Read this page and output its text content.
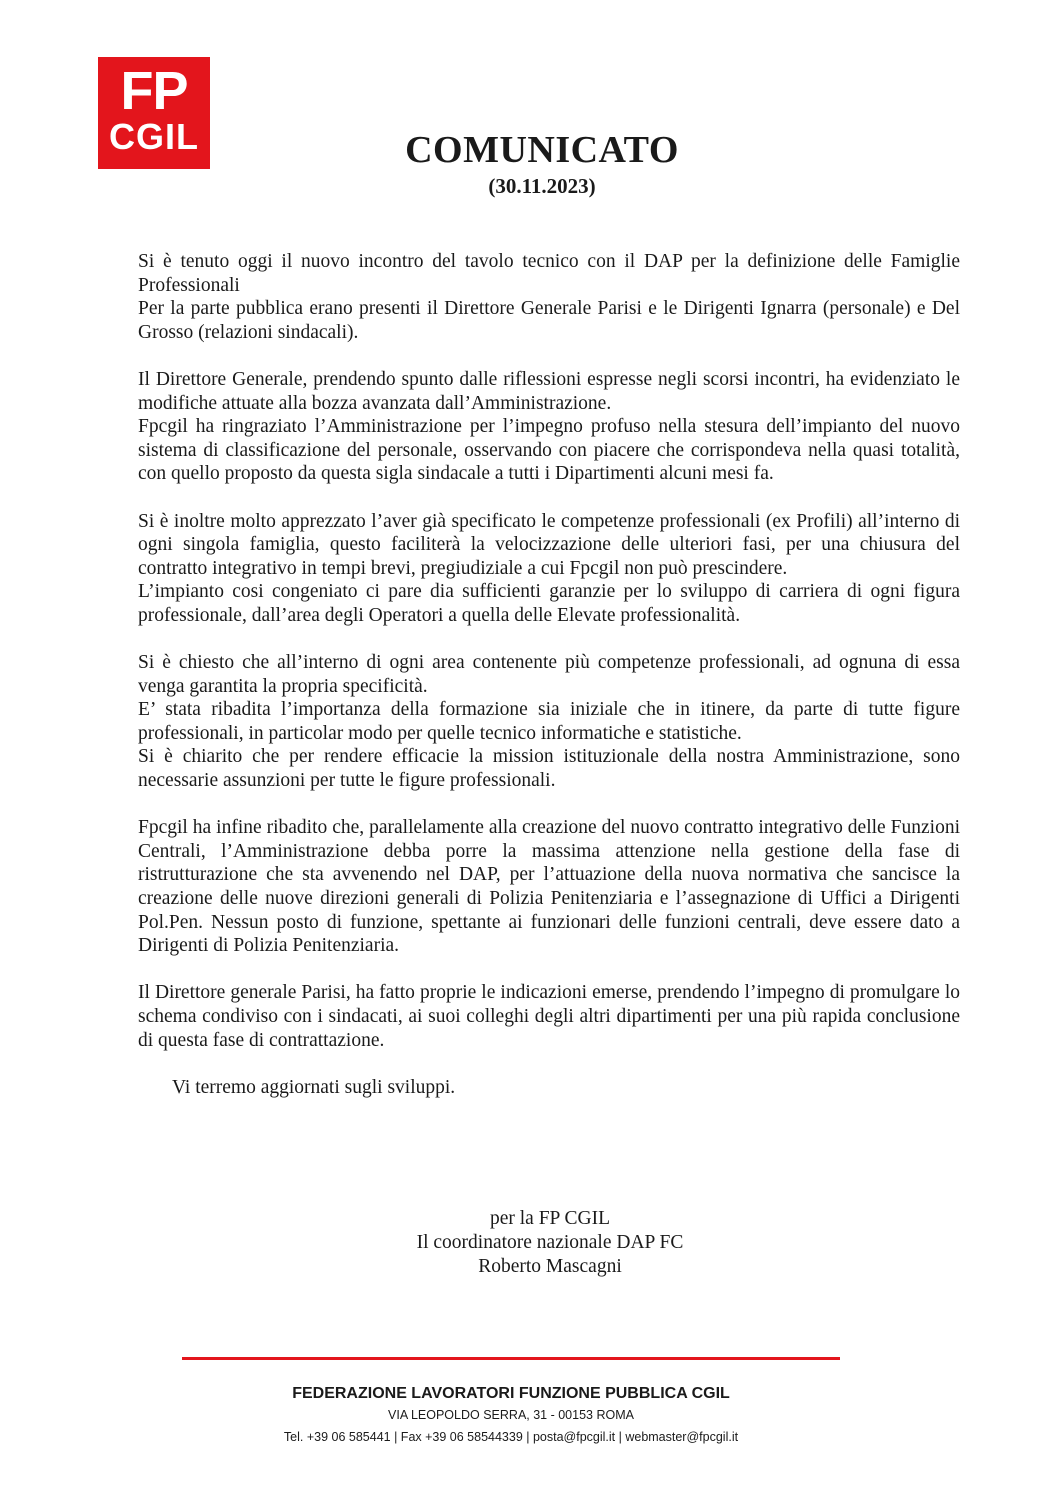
FP
CGIL	COMUNICATO
(30.11.2023)

Si è tenuto oggi il nuovo incontro del tavolo tecnico con il DAP per la definizione delle Famiglie Professionali
Per la parte pubblica erano presenti il Direttore Generale Parisi e le Dirigenti Ignarra (personale) e Del Grosso (relazioni sindacali).

Il Direttore Generale, prendendo spunto dalle riflessioni espresse negli scorsi incontri, ha evidenziato le modifiche attuate alla bozza avanzata dall’Amministrazione.
Fpcgil ha ringraziato l’Amministrazione per l’impegno profuso nella stesura dell’impianto del nuovo sistema di classificazione del personale, osservando con piacere che corrispondeva nella quasi totalità, con quello proposto da questa sigla sindacale a tutti i Dipartimenti alcuni mesi fa.

Si è inoltre molto apprezzato l’aver già specificato le competenze professionali (ex Profili) all’interno di ogni singola famiglia, questo faciliterà la velocizzazione delle ulteriori fasi, per una chiusura del contratto integrativo in tempi brevi, pregiudiziale a cui Fpcgil non può prescindere.
L’impianto cosi congeniato ci pare dia sufficienti garanzie per lo sviluppo di carriera di ogni figura professionale, dall’area degli Operatori a quella delle Elevate professionalità.

Si è chiesto che all’interno di ogni area contenente più competenze professionali, ad ognuna di essa venga garantita la propria specificità.
E’ stata ribadita l’importanza della formazione sia iniziale che in itinere, da parte di tutte figure professionali, in particolar modo per quelle tecnico informatiche e statistiche.
Si è chiarito che per rendere efficacie la mission istituzionale della nostra Amministrazione, sono necessarie assunzioni per tutte le figure professionali.

Fpcgil ha infine ribadito che, parallelamente alla creazione del nuovo contratto integrativo delle Funzioni Centrali, l’Amministrazione debba porre la massima attenzione nella gestione della fase di ristrutturazione che sta avvenendo nel DAP, per l’attuazione della nuova normativa che sancisce la creazione delle nuove direzioni generali di Polizia Penitenziaria e l’assegnazione di Uffici a Dirigenti Pol.Pen. Nessun posto di funzione, spettante ai funzionari delle funzioni centrali, deve essere dato a Dirigenti di Polizia Penitenziaria.

Il Direttore generale Parisi, ha fatto proprie le indicazioni emerse, prendendo l’impegno di promulgare lo schema condiviso con i sindacati, ai suoi colleghi degli altri dipartimenti per una più rapida conclusione di questa fase di contrattazione.

Vi terremo aggiornati sugli sviluppi.

per la FP CGIL
Il coordinatore nazionale DAP FC
Roberto Mascagni
FEDERAZIONE LAVORATORI FUNZIONE PUBBLICA CGIL
VIA LEOPOLDO SERRA, 31 - 00153 ROMA
Tel. +39 06 585441 | Fax +39 06 58544339 | posta@fpcgil.it | webmaster@fpcgil.it
